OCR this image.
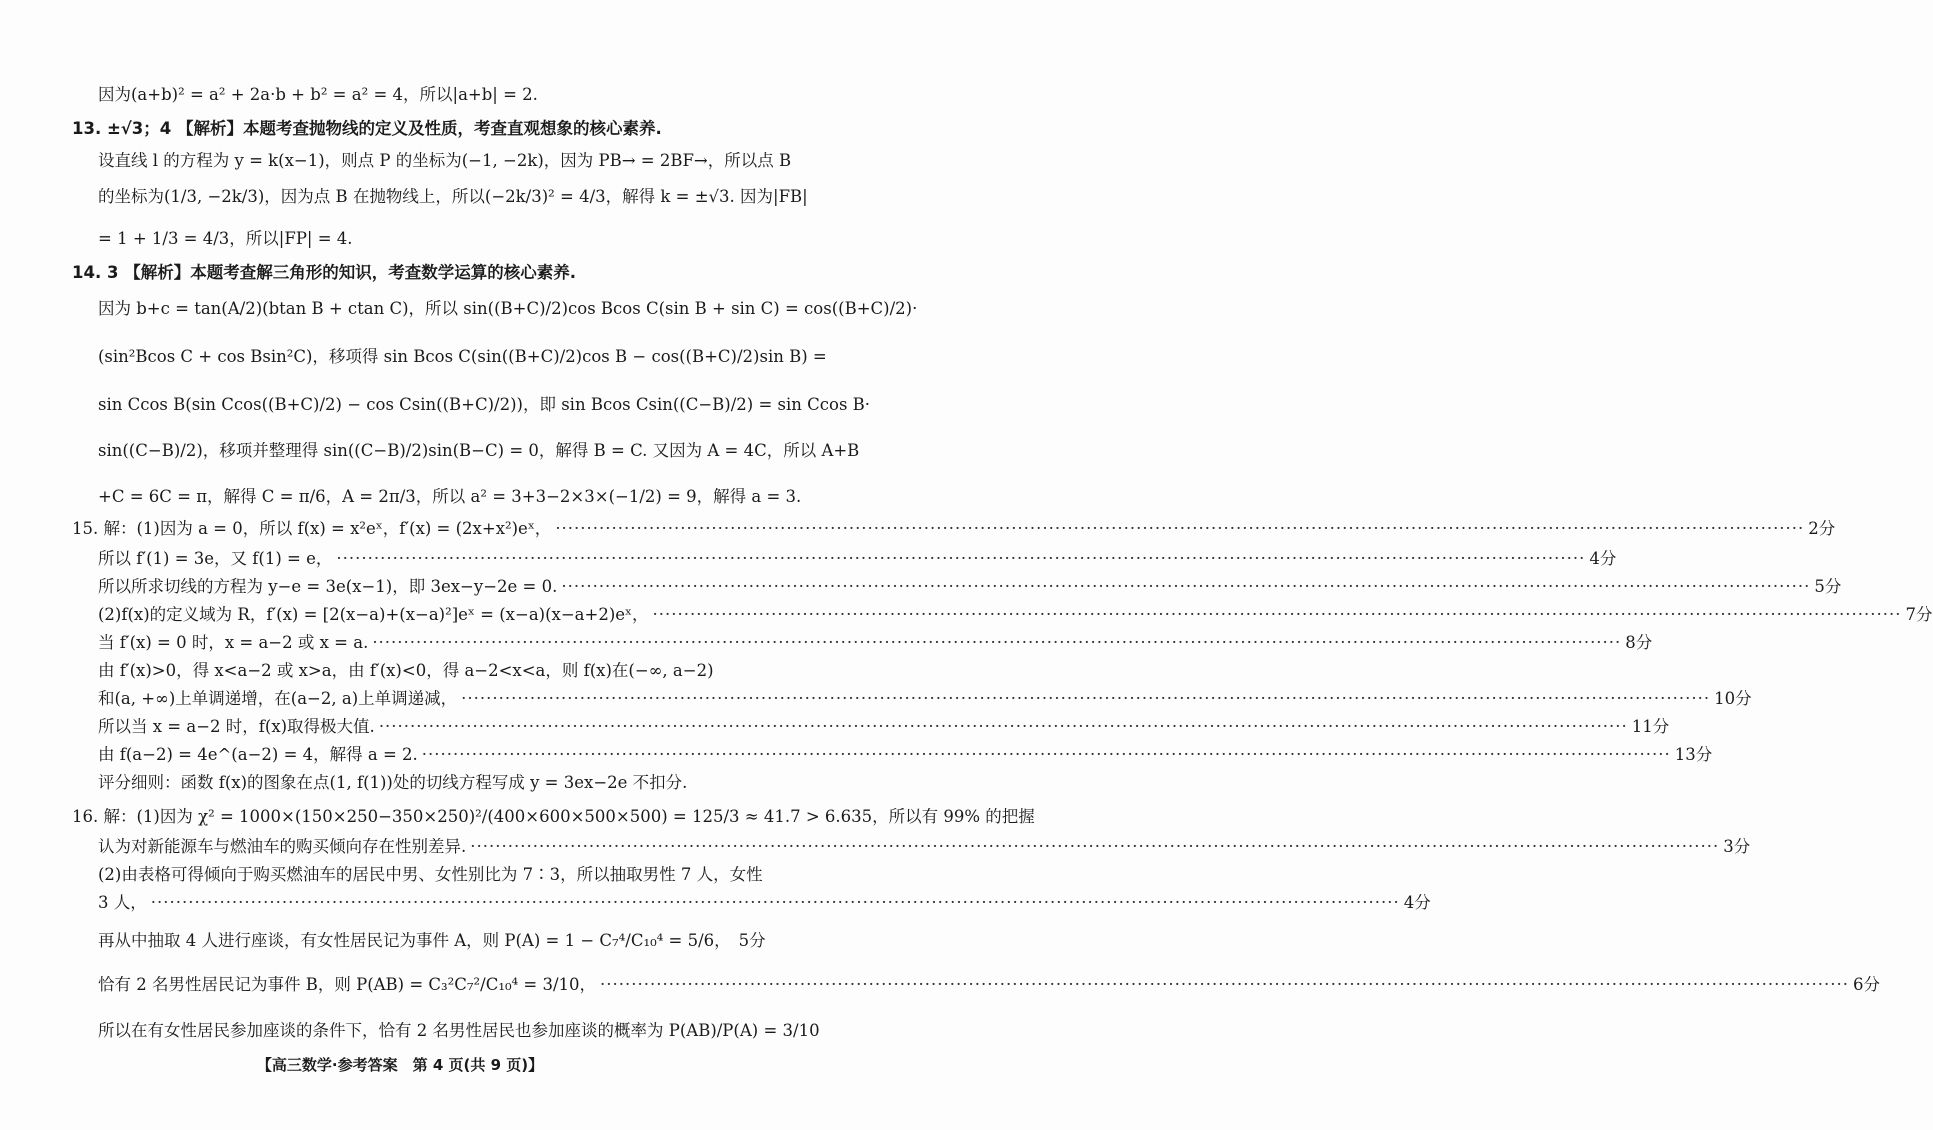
因为(a+b)² = a² + 2a·b + b² = a² = 4，所以|a+b| = 2.
13. ±√3；4 【解析】本题考查抛物线的定义及性质，考查直观想象的核心素养.
设直线 l 的方程为 y = k(x−1)，则点 P 的坐标为(−1, −2k)，因为 PB→ = 2BF→，所以点 B
的坐标为(1/3, −2k/3)，因为点 B 在抛物线上，所以(−2k/3)² = 4/3，解得 k = ±√3. 因为|FB|
= 1 + 1/3 = 4/3，所以|FP| = 4.
14. 3 【解析】本题考查解三角形的知识，考查数学运算的核心素养.
因为 b+c = tan(A/2)(btan B + ctan C)，所以 sin((B+C)/2)cos Bcos C(sin B + sin C) = cos((B+C)/2)·
(sin²Bcos C + cos Bsin²C)，移项得 sin Bcos C(sin((B+C)/2)cos B − cos((B+C)/2)sin B) =
sin Ccos B(sin Ccos((B+C)/2) − cos Csin((B+C)/2))，即 sin Bcos Csin((C−B)/2) = sin Ccos B·
sin((C−B)/2)，移项并整理得 sin((C−B)/2)sin(B−C) = 0，解得 B = C. 又因为 A = 4C，所以 A+B
+C = 6C = π，解得 C = π/6，A = 2π/3，所以 a² = 3+3−2×3×(−1/2) = 9，解得 a = 3.
15. 解：(1)因为 a = 0，所以 f(x) = x²eˣ，f′(x) = (2x+x²)eˣ， ········································································································································································································ 2分
所以 f′(1) = 3e，又 f(1) = e， ········································································································································································································ 4分
所以所求切线的方程为 y−e = 3e(x−1)，即 3ex−y−2e = 0. ········································································································································································································ 5分
(2)f(x)的定义域为 R，f′(x) = [2(x−a)+(x−a)²]eˣ = (x−a)(x−a+2)eˣ， ········································································································································································································ 7分
当 f′(x) = 0 时，x = a−2 或 x = a. ········································································································································································································ 8分
由 f′(x)>0，得 x<a−2 或 x>a，由 f′(x)<0，得 a−2<x<a，则 f(x)在(−∞, a−2)
和(a, +∞)上单调递增，在(a−2, a)上单调递减， ········································································································································································································ 10分
所以当 x = a−2 时，f(x)取得极大值. ········································································································································································································ 11分
由 f(a−2) = 4e^(a−2) = 4，解得 a = 2. ········································································································································································································ 13分
评分细则：函数 f(x)的图象在点(1, f(1))处的切线方程写成 y = 3ex−2e 不扣分.
16. 解：(1)因为 χ² = 1000×(150×250−350×250)²/(400×600×500×500) = 125/3 ≈ 41.7 > 6.635，所以有 99% 的把握
认为对新能源车与燃油车的购买倾向存在性别差异. ········································································································································································································ 3分
(2)由表格可得倾向于购买燃油车的居民中男、女性别比为 7∶3，所以抽取男性 7 人，女性
3 人， ········································································································································································································ 4分
再从中抽取 4 人进行座谈，有女性居民记为事件 A，则 P(A) = 1 − C₇⁴/C₁₀⁴ = 5/6， 5分
恰有 2 名男性居民记为事件 B，则 P(AB) = C₃²C₇²/C₁₀⁴ = 3/10， ········································································································································································································ 6分
所以在有女性居民参加座谈的条件下，恰有 2 名男性居民也参加座谈的概率为 P(AB)/P(A) = 3/10
【高三数学·参考答案　第 4 页(共 9 页)】
